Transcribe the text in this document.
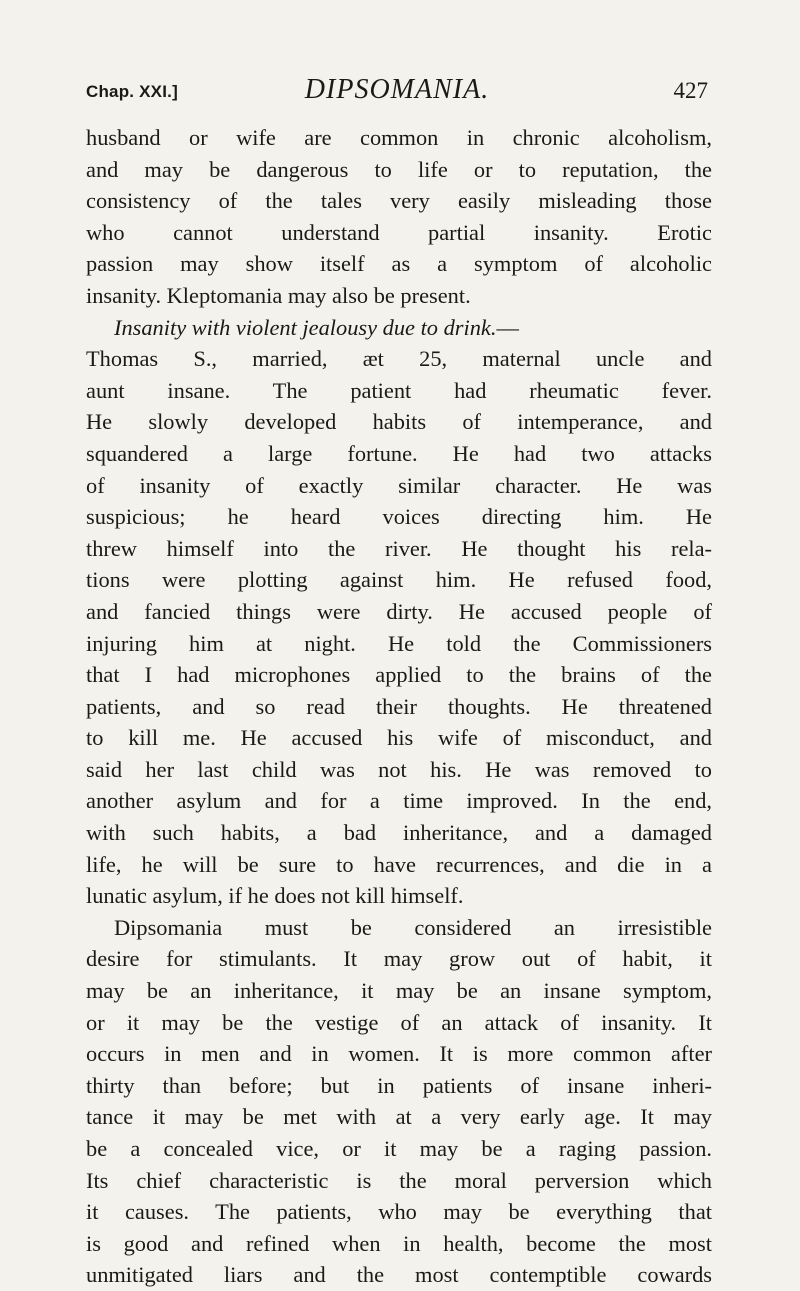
Chap. XXI.]	DIPSOMANIA.	427
husband or wife are common in chronic alcoholism,
and may be dangerous to life or to reputation, the
consistency of the tales very easily misleading those
who cannot understand partial insanity. Erotic
passion may show itself as a symptom of alcoholic
insanity. Kleptomania may also be present.
Insanity with violent jealousy due to drink.—
Thomas S., married, æt 25, maternal uncle and
aunt insane. The patient had rheumatic fever.
He slowly developed habits of intemperance, and
squandered a large fortune. He had two attacks
of insanity of exactly similar character. He was
suspicious; he heard voices directing him. He
threw himself into the river. He thought his rela-
tions were plotting against him. He refused food,
and fancied things were dirty. He accused people of
injuring him at night. He told the Commissioners
that I had microphones applied to the brains of the
patients, and so read their thoughts. He threatened
to kill me. He accused his wife of misconduct, and
said her last child was not his. He was removed to
another asylum and for a time improved. In the end,
with such habits, a bad inheritance, and a damaged
life, he will be sure to have recurrences, and die in a
lunatic asylum, if he does not kill himself.
Dipsomania must be considered an irresistible
desire for stimulants. It may grow out of habit, it
may be an inheritance, it may be an insane symptom,
or it may be the vestige of an attack of insanity. It
occurs in men and in women. It is more common after
thirty than before; but in patients of insane inheri-
tance it may be met with at a very early age. It may
be a concealed vice, or it may be a raging passion.
Its chief characteristic is the moral perversion which
it causes. The patients, who may be everything that
is good and refined when in health, become the most
unmitigated liars and the most contemptible cowards
